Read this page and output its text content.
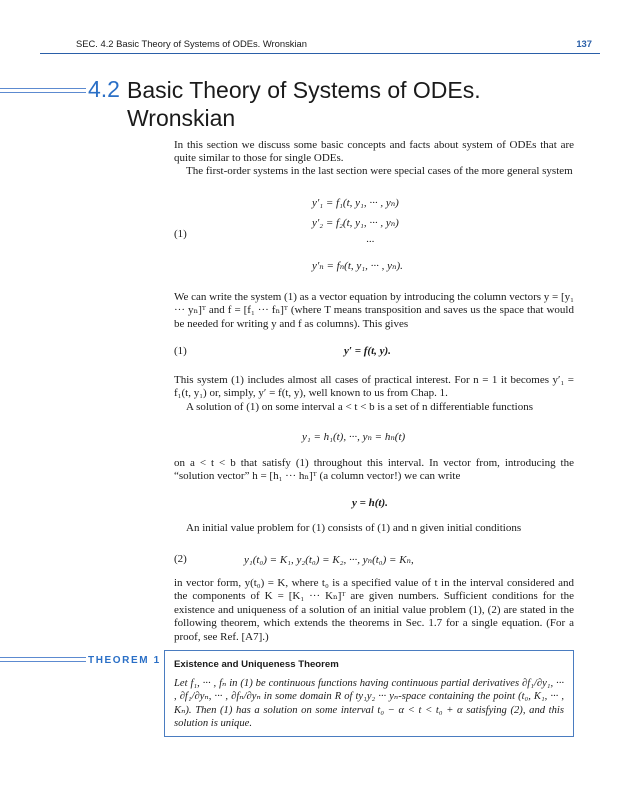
SEC. 4.2 Basic Theory of Systems of ODEs. Wronskian	137
4.2 Basic Theory of Systems of ODEs. Wronskian
In this section we discuss some basic concepts and facts about system of ODEs that are quite similar to those for single ODEs.
The first-order systems in the last section were special cases of the more general system
(1)
y′₁ = f₁(t, y₁, ··· , yₙ)
y′₂ = f₂(t, y₁, ··· , yₙ)
···
y′ₙ = fₙ(t, y₁, ··· , yₙ).
We can write the system (1) as a vector equation by introducing the column vectors y = [y₁ ··· yₙ]ᵀ and f = [f₁ ··· fₙ]ᵀ (where T means transposition and saves us the space that would be needed for writing y and f as columns). This gives
(1)	y′ = f(t, y).
This system (1) includes almost all cases of practical interest. For n = 1 it becomes y′₁ = f₁(t, y₁) or, simply, y′ = f(t, y), well known to us from Chap. 1.
A solution of (1) on some interval a < t < b is a set of n differentiable functions
y₁ = h₁(t), ···, yₙ = hₙ(t)
on a < t < b that satisfy (1) throughout this interval. In vector from, introducing the “solution vector” h = [h₁ ··· hₙ]ᵀ (a column vector!) we can write
y = h(t).
An initial value problem for (1) consists of (1) and n given initial conditions
(2)	y₁(t₀) = K₁, y₂(t₀) = K₂, ···, yₙ(t₀) = Kₙ,
in vector form, y(t₀) = K, where t₀ is a specified value of t in the interval considered and the components of K = [K₁ ··· Kₙ]ᵀ are given numbers. Sufficient conditions for the existence and uniqueness of a solution of an initial value problem (1), (2) are stated in the following theorem, which extends the theorems in Sec. 1.7 for a single equation. (For a proof, see Ref. [A7].)
THEOREM 1 Existence and Uniqueness Theorem
Let f₁, ··· , fₙ in (1) be continuous functions having continuous partial derivatives ∂f₁/∂y₁, ··· , ∂f₁/∂yₙ, ··· , ∂fₙ/∂yₙ in some domain R of ty₁y₂ ··· yₙ-space containing the point (t₀, K₁, ··· , Kₙ). Then (1) has a solution on some interval t₀ − α < t < t₀ + α satisfying (2), and this solution is unique.
